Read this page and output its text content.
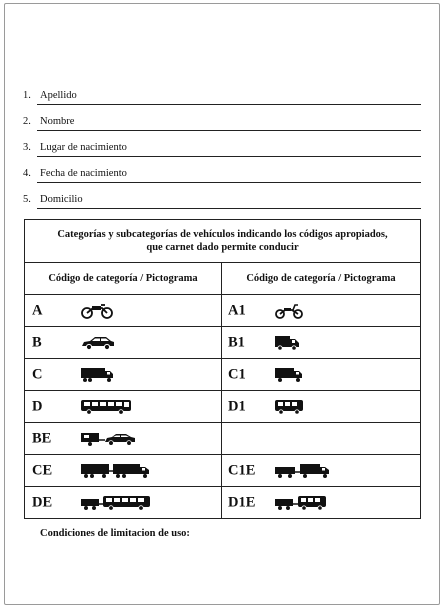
1. Apellido
2. Nombre
3. Lugar de nacimiento
4. Fecha de nacimiento
5. Domicilio
Categorías y subcategorías de vehículos indicando los códigos apropiados,
que carnet dado permite conducir	

Código de categoría / Pictograma	Código de categoría / Pictograma

A	A1

B	B1

C	C1

D	D1

BE	

CE	C1E

DE	D1E
Condiciones de limitacion de uso:
